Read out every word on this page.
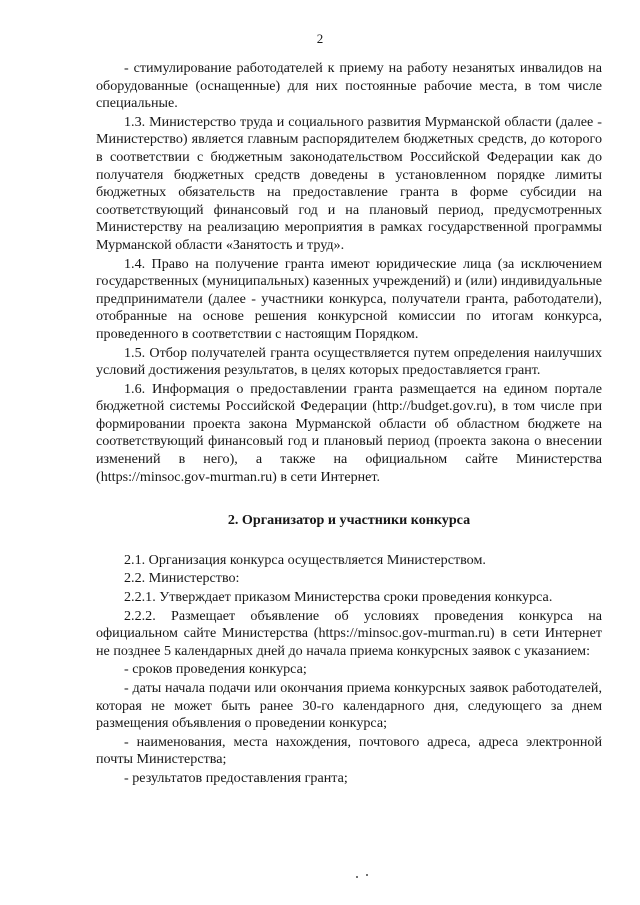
2

- стимулирование работодателей к приему на работу незанятых инвалидов на оборудованные (оснащенные) для них постоянные рабочие места, в том числе специальные.

1.3. Министерство труда и социального развития Мурманской области (далее - Министерство) является главным распорядителем бюджетных средств, до которого в соответствии с бюджетным законодательством Российской Федерации как до получателя бюджетных средств доведены в установленном порядке лимиты бюджетных обязательств на предоставление гранта в форме субсидии на соответствующий финансовый год и на плановый период, предусмотренных Министерству на реализацию мероприятия в рамках государственной программы Мурманской области «Занятость и труд».

1.4. Право на получение гранта имеют юридические лица (за исключением государственных (муниципальных) казенных учреждений) и (или) индивидуальные предприниматели (далее - участники конкурса, получатели гранта, работодатели), отобранные на основе решения конкурсной комиссии по итогам конкурса, проведенного в соответствии с настоящим Порядком.

1.5. Отбор получателей гранта осуществляется путем определения наилучших условий достижения результатов, в целях которых предоставляется грант.

1.6. Информация о предоставлении гранта размещается на едином портале бюджетной системы Российской Федерации (http://budget.gov.ru), в том числе при формировании проекта закона Мурманской области об областном бюджете на соответствующий финансовый год и плановый период (проекта закона о внесении изменений в него), а также на официальном сайте Министерства (https://minsoc.gov-murman.ru) в сети Интернет.

2. Организатор и участники конкурса

2.1. Организация конкурса осуществляется Министерством.

2.2. Министерство:

2.2.1. Утверждает приказом Министерства сроки проведения конкурса.

2.2.2. Размещает объявление об условиях проведения конкурса на официальном сайте Министерства (https://minsoc.gov-murman.ru) в сети Интернет не позднее 5 календарных дней до начала приема конкурсных заявок с указанием:

- сроков проведения конкурса;

- даты начала подачи или окончания приема конкурсных заявок работодателей, которая не может быть ранее 30-го календарного дня, следующего за днем размещения объявления о проведении конкурса;

- наименования, места нахождения, почтового адреса, адреса электронной почты Министерства;

- результатов предоставления гранта;
